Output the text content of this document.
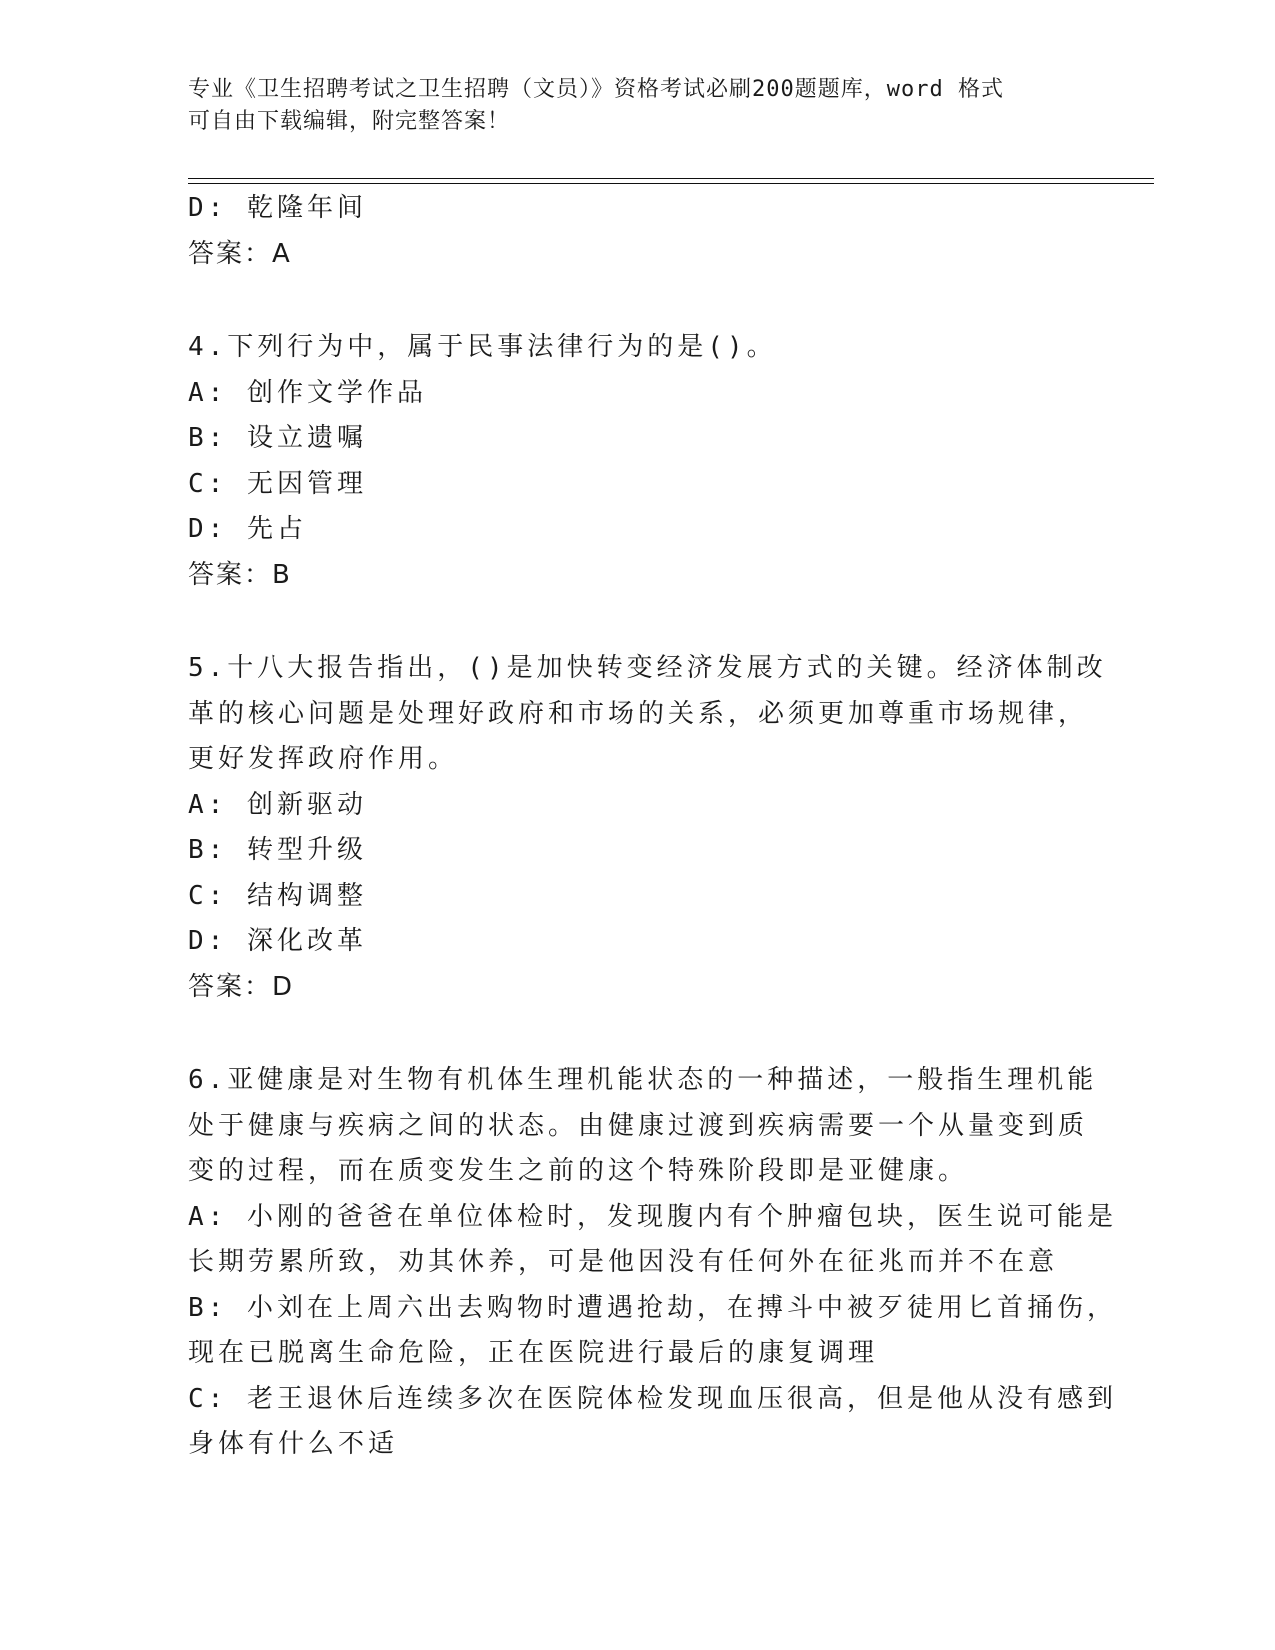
专业《卫生招聘考试之卫生招聘（文员）》资格考试必刷200题题库，word 格式
可自由下载编辑，附完整答案！
D: 乾隆年间
答案：A
4.下列行为中，属于民事法律行为的是()。
A: 创作文学作品
B: 设立遗嘱
C: 无因管理
D: 先占
答案：B
5.十八大报告指出，()是加快转变经济发展方式的关键。经济体制改
革的核心问题是处理好政府和市场的关系，必须更加尊重市场规律，
更好发挥政府作用。
A: 创新驱动
B: 转型升级
C: 结构调整
D: 深化改革
答案：D
6.亚健康是对生物有机体生理机能状态的一种描述，一般指生理机能
处于健康与疾病之间的状态。由健康过渡到疾病需要一个从量变到质
变的过程，而在质变发生之前的这个特殊阶段即是亚健康。
A: 小刚的爸爸在单位体检时，发现腹内有个肿瘤包块，医生说可能是
长期劳累所致，劝其休养，可是他因没有任何外在征兆而并不在意
B: 小刘在上周六出去购物时遭遇抢劫，在搏斗中被歹徒用匕首捅伤，
现在已脱离生命危险，正在医院进行最后的康复调理
C: 老王退休后连续多次在医院体检发现血压很高，但是他从没有感到
身体有什么不适
